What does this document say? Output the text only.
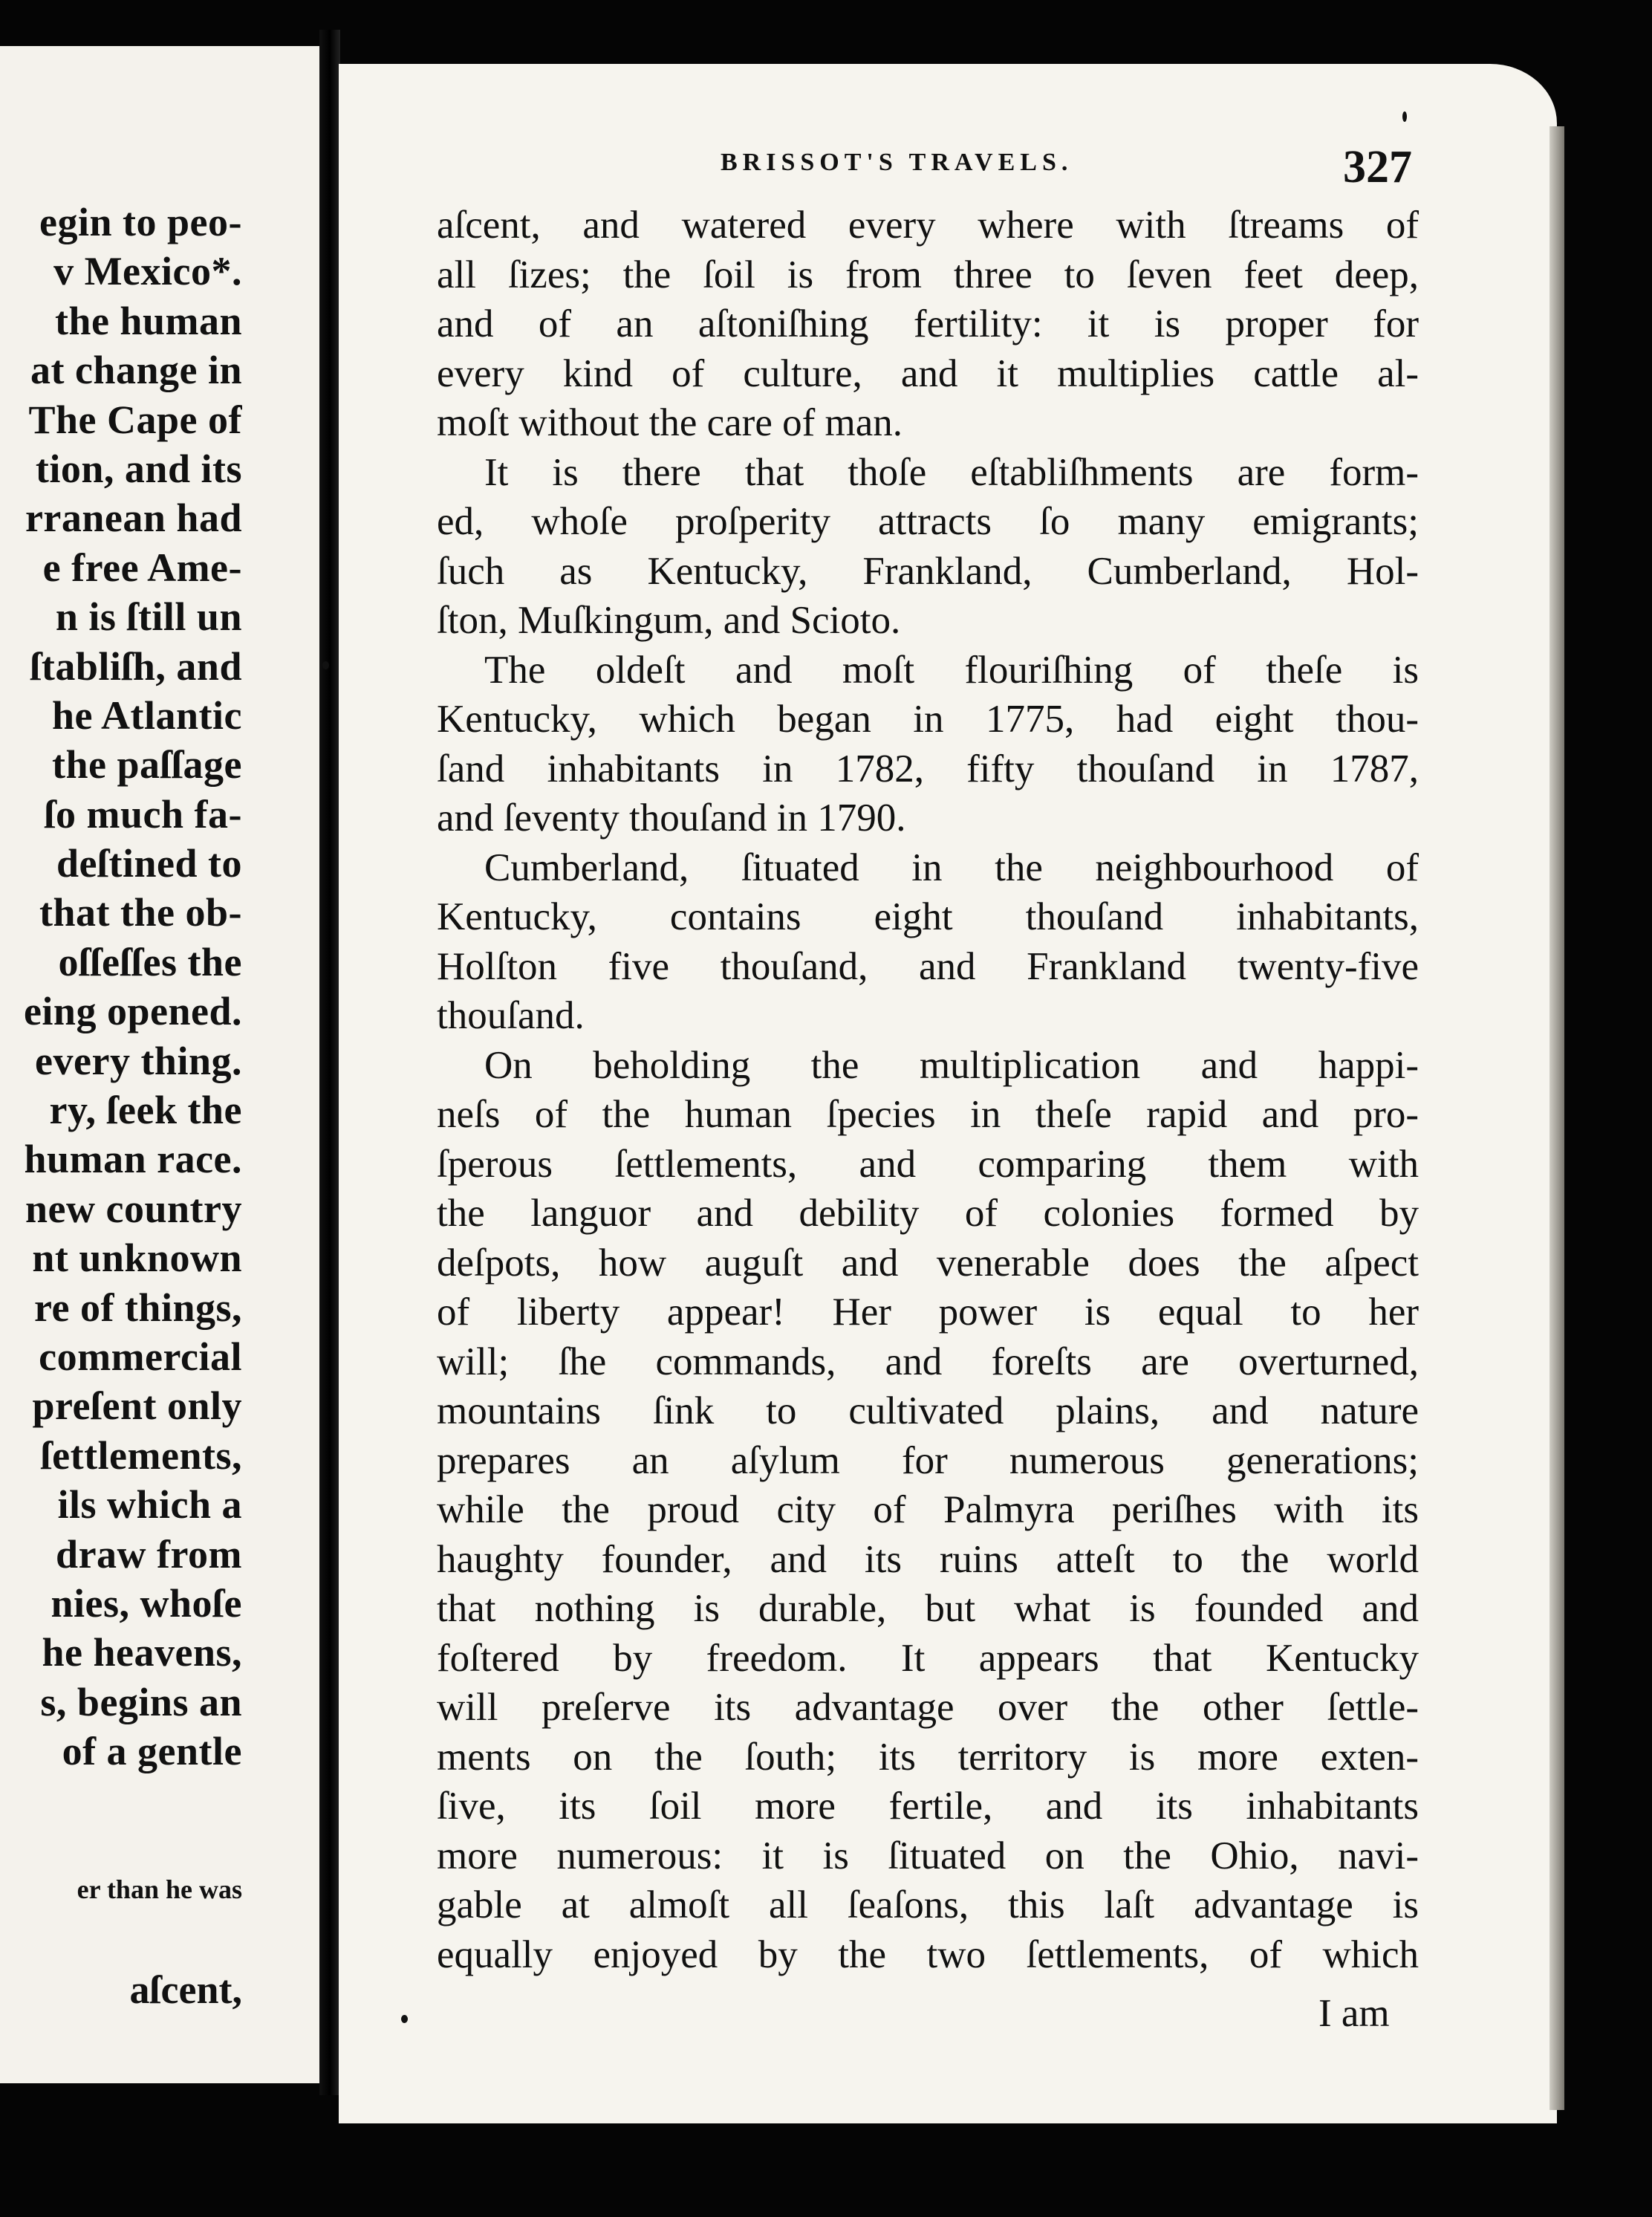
egin to peo-
v Mexico*.
the human
at change in
The Cape of
tion, and its
rranean had
e free Ame-
n is ſtill un
ſtabliſh, and
he Atlantic
the paſſage
ſo much fa-
deſtined to
that the ob-
oſſeſſes the
eing opened.
every thing.
ry, ſeek the
human race.
new country
nt unknown
re of things,
commercial
preſent only
ſettlements,
ils which a
draw from
nies, whoſe
he heavens,
s, begins an
of a gentle
er than he was
aſcent,
BRISSOT'S TRAVELS.	327
aſcent, and watered every where with ſtreams of
all ſizes; the ſoil is from three to ſeven feet deep,
and of an aſtoniſhing fertility: it is proper for
every kind of culture, and it multiplies cattle al-
moſt without the care of man.
It is there that thoſe eſtabliſhments are form-
ed, whoſe proſperity attracts ſo many emigrants;
ſuch as Kentucky, Frankland, Cumberland, Hol-
ſton, Muſkingum, and Scioto.
The oldeſt and moſt flouriſhing of theſe is
Kentucky, which began in 1775, had eight thou-
ſand inhabitants in 1782, fifty thouſand in 1787,
and ſeventy thouſand in 1790.
Cumberland, ſituated in the neighbourhood of
Kentucky, contains eight thouſand inhabitants,
Holſton five thouſand, and Frankland twenty-five
thouſand.
On beholding the multiplication and happi-
neſs of the human ſpecies in theſe rapid and pro-
ſperous ſettlements, and comparing them with
the languor and debility of colonies formed by
deſpots, how auguſt and venerable does the aſpect
of liberty appear! Her power is equal to her
will; ſhe commands, and foreſts are overturned,
mountains ſink to cultivated plains, and nature
prepares an aſylum for numerous generations;
while the proud city of Palmyra periſhes with its
haughty founder, and its ruins atteſt to the world
that nothing is durable, but what is founded and
foſtered by freedom. It appears that Kentucky
will preſerve its advantage over the other ſettle-
ments on the ſouth; its territory is more exten-
ſive, its ſoil more fertile, and its inhabitants
more numerous: it is ſituated on the Ohio, navi-
gable at almoſt all ſeaſons, this laſt advantage is
equally enjoyed by the two ſettlements, of which
I am
